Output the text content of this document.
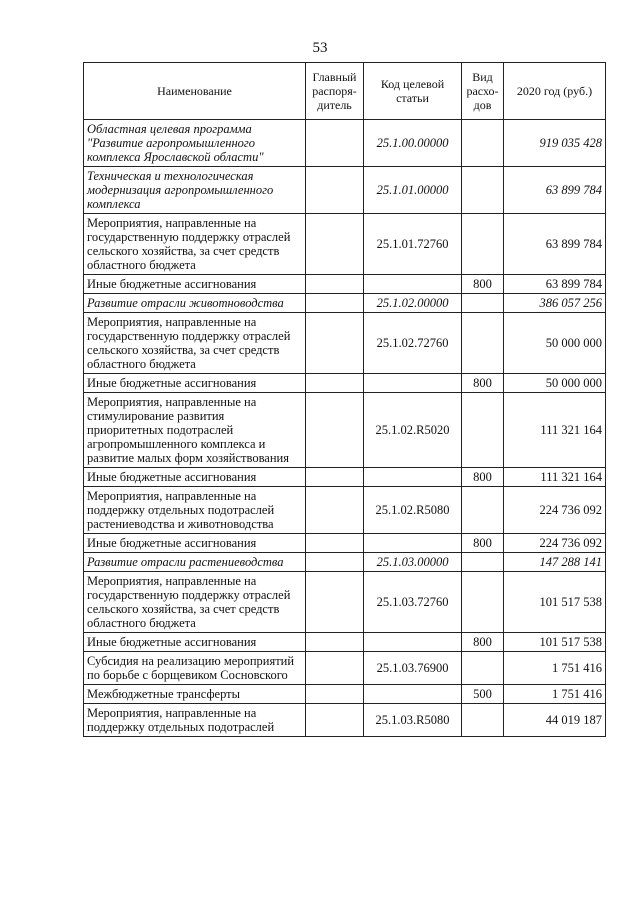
53
Наименование	Главный распоря-дитель	Код целевой статьи	Вид расхо-дов	2020 год (руб.)
Областная целевая программа "Развитие агропромышленного комплекса Ярославской области"		25.1.00.00000		919 035 428
Техническая и технологическая модернизация агропромышленного комплекса		25.1.01.00000		63 899 784
Мероприятия, направленные на государственную поддержку отраслей сельского хозяйства, за счет средств областного бюджета		25.1.01.72760		63 899 784
Иные бюджетные ассигнования			800	63 899 784
Развитие отрасли животноводства		25.1.02.00000		386 057 256
Мероприятия, направленные на государственную поддержку отраслей сельского хозяйства, за счет средств областного бюджета		25.1.02.72760		50 000 000
Иные бюджетные ассигнования			800	50 000 000
Мероприятия, направленные на стимулирование развития приоритетных подотраслей агропромышленного комплекса и развитие малых форм хозяйствования		25.1.02.R5020		111 321 164
Иные бюджетные ассигнования			800	111 321 164
Мероприятия, направленные на поддержку отдельных подотраслей растениеводства и животноводства		25.1.02.R5080		224 736 092
Иные бюджетные ассигнования			800	224 736 092
Развитие отрасли растениеводства		25.1.03.00000		147 288 141
Мероприятия, направленные на государственную поддержку отраслей сельского хозяйства, за счет средств областного бюджета		25.1.03.72760		101 517 538
Иные бюджетные ассигнования			800	101 517 538
Субсидия на реализацию мероприятий по борьбе с борщевиком Сосновского		25.1.03.76900		1 751 416
Межбюджетные трансферты			500	1 751 416
Мероприятия, направленные на поддержку отдельных подотраслей		25.1.03.R5080		44 019 187
